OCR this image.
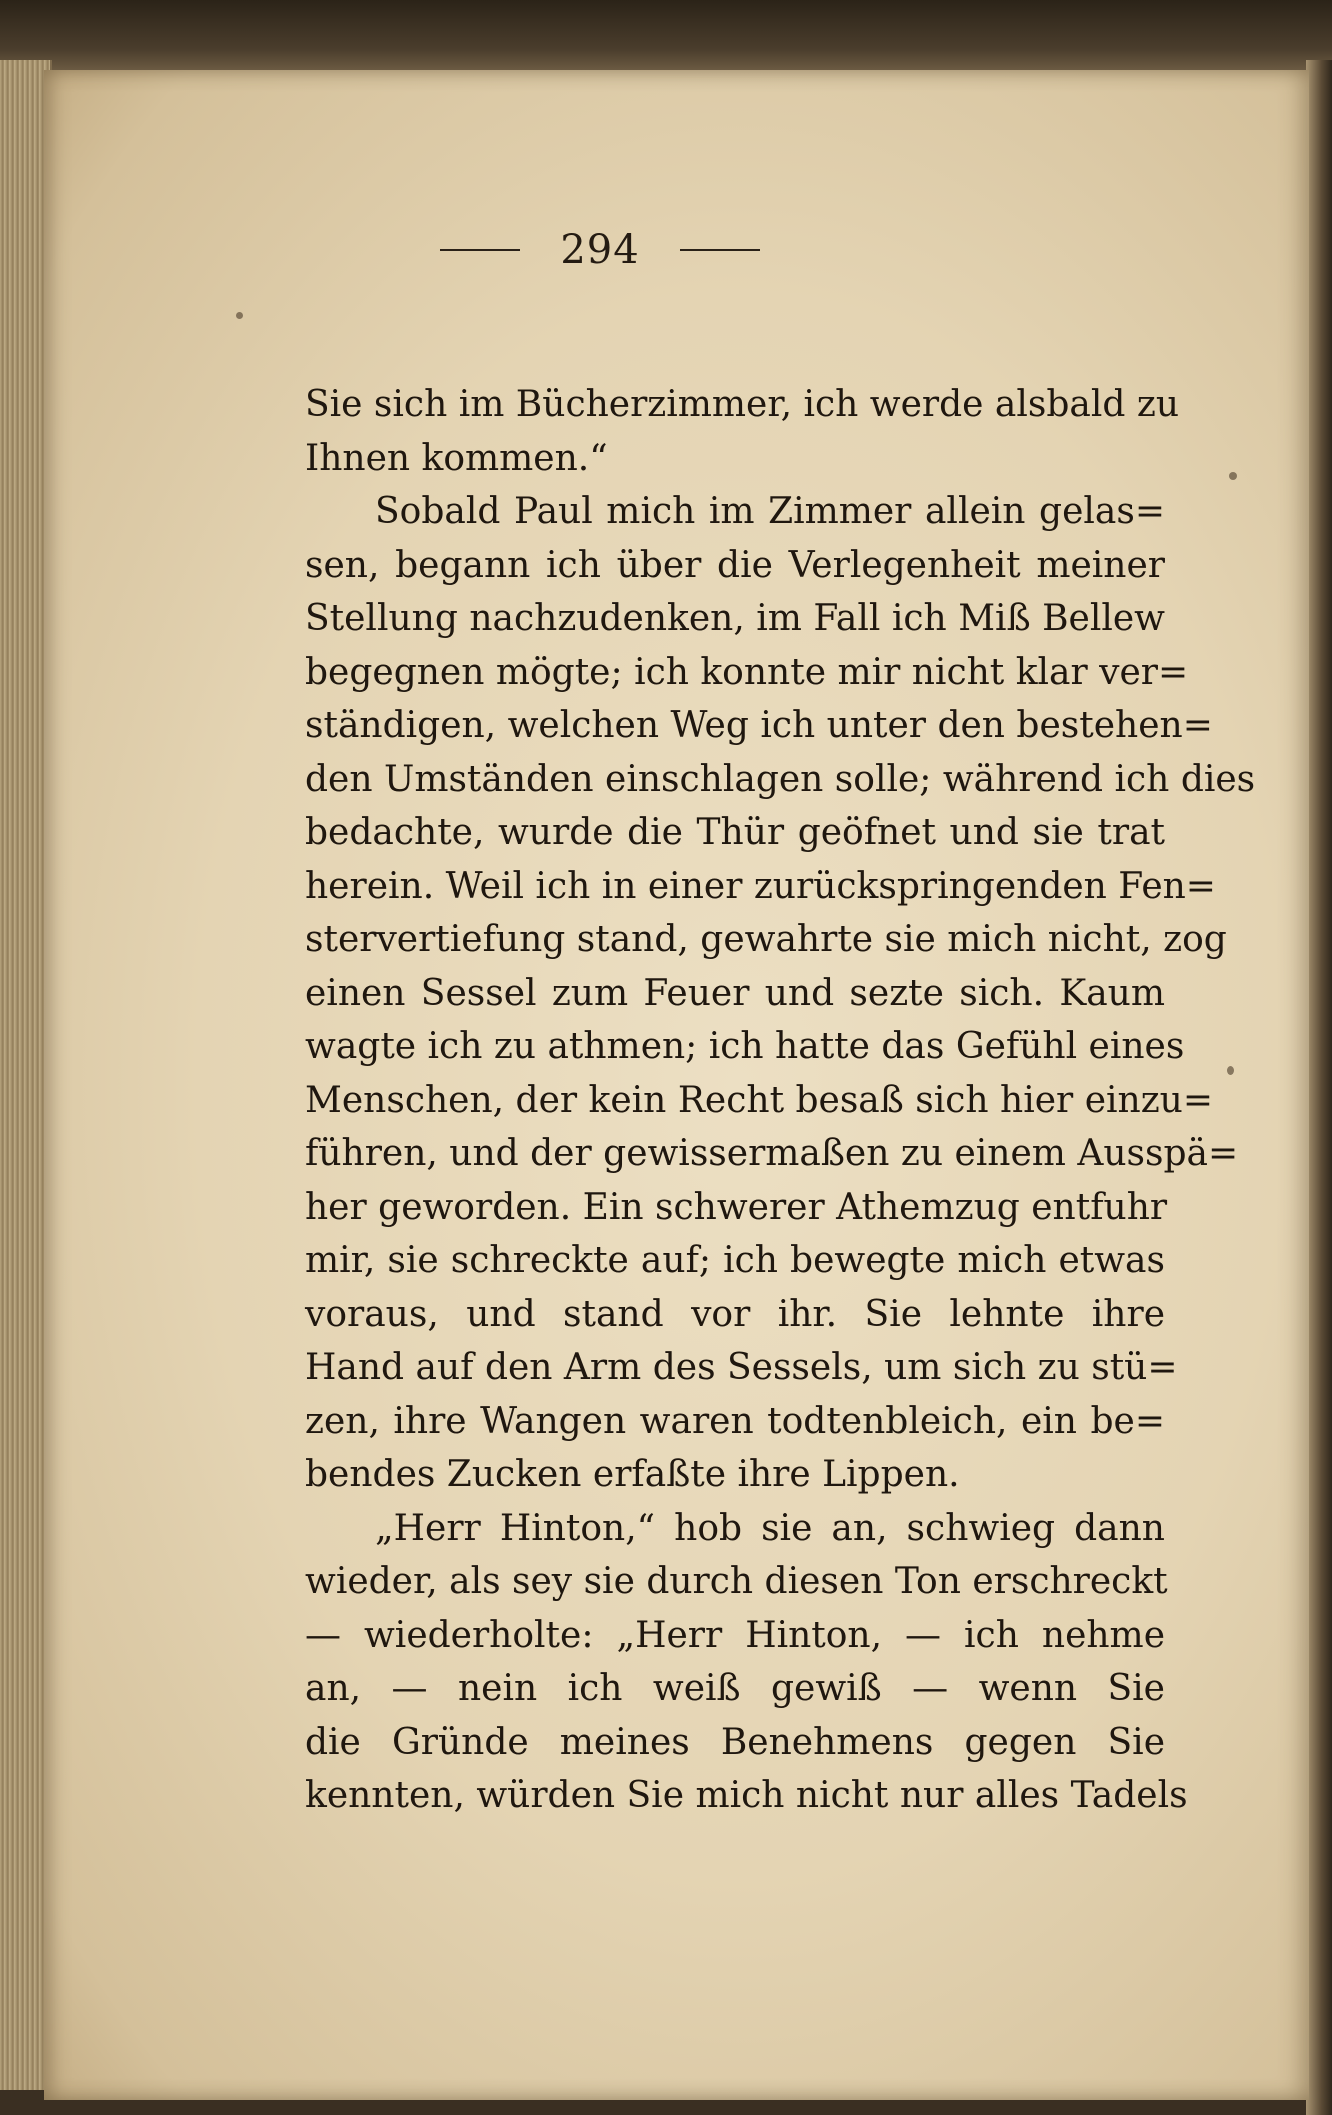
294

Sie sich im Bücherzimmer, ich werde alsbald zu
Ihnen kommen.“

Sobald Paul mich im Zimmer allein gelas=
sen, begann ich über die Verlegenheit meiner
Stellung nachzudenken, im Fall ich Miß Bellew
begegnen mögte; ich konnte mir nicht klar ver=
ständigen, welchen Weg ich unter den bestehen=
den Umständen einschlagen solle; während ich dies
bedachte, wurde die Thür geöfnet und sie trat
herein. Weil ich in einer zurückspringenden Fen=
stervertiefung stand, gewahrte sie mich nicht, zog
einen Sessel zum Feuer und sezte sich. Kaum
wagte ich zu athmen; ich hatte das Gefühl eines
Menschen, der kein Recht besaß sich hier einzu=
führen, und der gewissermaßen zu einem Ausspä=
her geworden. Ein schwerer Athemzug entfuhr
mir, sie schreckte auf; ich bewegte mich etwas
voraus, und stand vor ihr. Sie lehnte ihre
Hand auf den Arm des Sessels, um sich zu stü=
zen, ihre Wangen waren todtenbleich, ein be=
bendes Zucken erfaßte ihre Lippen.

„Herr Hinton,“ hob sie an, schwieg dann
wieder, als sey sie durch diesen Ton erschreckt
— wiederholte: „Herr Hinton, — ich nehme
an, — nein ich weiß gewiß — wenn Sie
die Gründe meines Benehmens gegen Sie
kennten, würden Sie mich nicht nur alles Tadels
